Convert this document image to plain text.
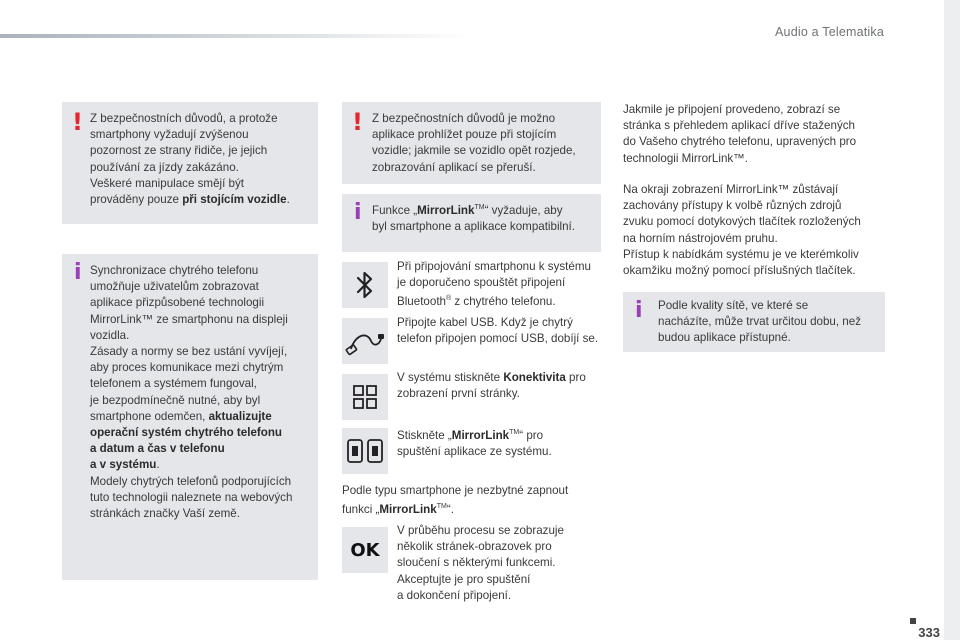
Audio a Telematika
! Z bezpečnostních důvodů, a protože
smartphony vyžadují zvýšenou
pozornost ze strany řidiče, je jejich
používání za jízdy zakázáno.
Veškeré manipulace smějí být
prováděny pouze při stojícím vozidle.
i Synchronizace chytrého telefonu
umožňuje uživatelům zobrazovat
aplikace přizpůsobené technologii
MirrorLink™ ze smartphonu na displeji
vozidla.
Zásady a normy se bez ustání vyvíjejí,
aby proces komunikace mezi chytrým
telefonem a systémem fungoval,
je bezpodmínečně nutné, aby byl
smartphone odemčen, aktualizujte
operační systém chytrého telefonu
a datum a čas v telefonu
a v systému.
Modely chytrých telefonů podporujících
tuto technologii naleznete na webových
stránkách značky Vaší země.
! Z bezpečnostních důvodů je možno
aplikace prohlížet pouze při stojícím
vozidle; jakmile se vozidlo opět rozjede,
zobrazování aplikací se přeruší.
i Funkce „MirrorLink™“ vyžaduje, aby
byl smartphone a aplikace kompatibilní.
Při připojování smartphonu k systému
je doporučeno spouštět připojení
Bluetooth® z chytrého telefonu.
Připojte kabel USB. Když je chytrý
telefon připojen pomocí USB, dobíjí se.
V systému stiskněte Konektivita pro
zobrazení první stránky.
Stiskněte „MirrorLink™“ pro
spuštění aplikace ze systému.
Podle typu smartphone je nezbytné zapnout
funkci „MirrorLink™“.
OK
V průběhu procesu se zobrazuje
několik stránek-obrazovek pro
sloučení s některými funkcemi.
Akceptujte je pro spuštění
a dokončení připojení.
Jakmile je připojení provedeno, zobrazí se
stránka s přehledem aplikací dříve stažených
do Vašeho chytrého telefonu, upravených pro
technologii MirrorLink™.
Na okraji zobrazení MirrorLink™ zůstávají
zachovány přístupy k volbě různých zdrojů
zvuku pomocí dotykových tlačítek rozložených
na horním nástrojovém pruhu.
Přístup k nabídkám systému je ve kterémkoliv
okamžiku možný pomocí příslušných tlačítek.
i Podle kvality sítě, ve které se
nacházíte, může trvat určitou dobu, než
budou aplikace přístupné.
333
